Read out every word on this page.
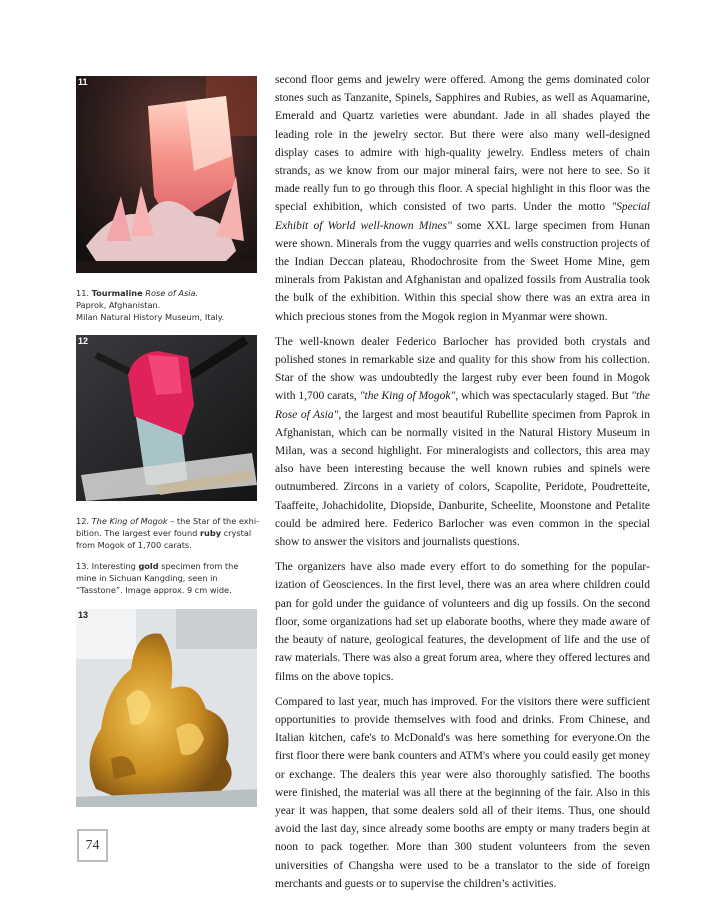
11

11. Tourmaline Rose of Asia.
Paprok, Afghanistan.
Milan Natural History Museum, Italy.

12

12. The King of Mogok – the Star of the exhibition. The largest ever found ruby crystal from Mogok of 1,700 carats.

13. Interesting gold specimen from the mine in Sichuan Kangding, seen in “Tasstone”. Image approx. 9 cm wide.

13

second floor gems and jewelry were offered. Among the gems dominated color stones such as Tanzanite, Spinels, Sapphires and Rubies, as well as Aquamarine, Emerald and Quartz varieties were abundant. Jade in all shades played the leading role in the jewelry sector. But there were also many well-designed display cases to admire with high-quality jewelry. Endless meters of chain strands, as we know from our major mineral fairs, were not here to see. So it made really fun to go through this floor. A special highlight in this floor was the special exhibition, which consisted of two parts. Under the motto "Special Exhibit of World well-known Mines" some XXL large specimen from Hunan were shown. Minerals from the vuggy quarries and wells construction projects of the Indian Deccan plateau, Rhodochrosite from the Sweet Home Mine, gem minerals from Pakistan and Afghanistan and opalized fossils from Australia took the bulk of the exhibition. Within this special show there was an extra area in which precious stones from the Mogok region in Myanmar were shown.

The well-known dealer Federico Barlocher has provided both crystals and polished stones in remarkable size and quality for this show from his collection. Star of the show was undoubtedly the largest ruby ever been found in Mogok with 1,700 carats, "the King of Mogok", which was spectacularly staged. But "the Rose of Asia", the largest and most beautiful Rubellite specimen from Paprok in Afghanistan, which can be normally visited in the Natural History Museum in Milan, was a second highlight. For mineralogists and collectors, this area may also have been interesting because the well known rubies and spinels were outnumbered. Zircons in a variety of colors, Scapolite, Peridote, Poudretteite, Taaffeite, Johachidolite, Diopside, Danburite, Scheelite, Moonstone and Petalite could be admired here. Federico Barlocher was even common in the special show to answer the visitors and journalists questions.

The organizers have also made every effort to do something for the popularization of Geosciences. In the first level, there was an area where children could pan for gold under the guidance of volunteers and dig up fossils. On the second floor, some organizations had set up elaborate booths, where they made aware of the beauty of nature, geological features, the development of life and the use of raw materials. There was also a great forum area, where they offered lectures and films on the above topics.

Compared to last year, much has improved. For the visitors there were sufficient opportunities to provide themselves with food and drinks. From Chinese, and Italian kitchen, cafe's to McDonald's was here something for everyone.On the first floor there were bank counters and ATM's where you could easily get money or exchange. The dealers this year were also thoroughly satisfied. The booths were finished, the material was all there at the beginning of the fair. Also in this year it was happen, that some dealers sold all of their items. Thus, one should avoid the last day, since already some booths are empty or many traders begin at noon to pack together. More than 300 student volunteers from the seven universities of Changsha were used to be a translator to the side of foreign merchants and guests or to supervise the children’s activities.

74
